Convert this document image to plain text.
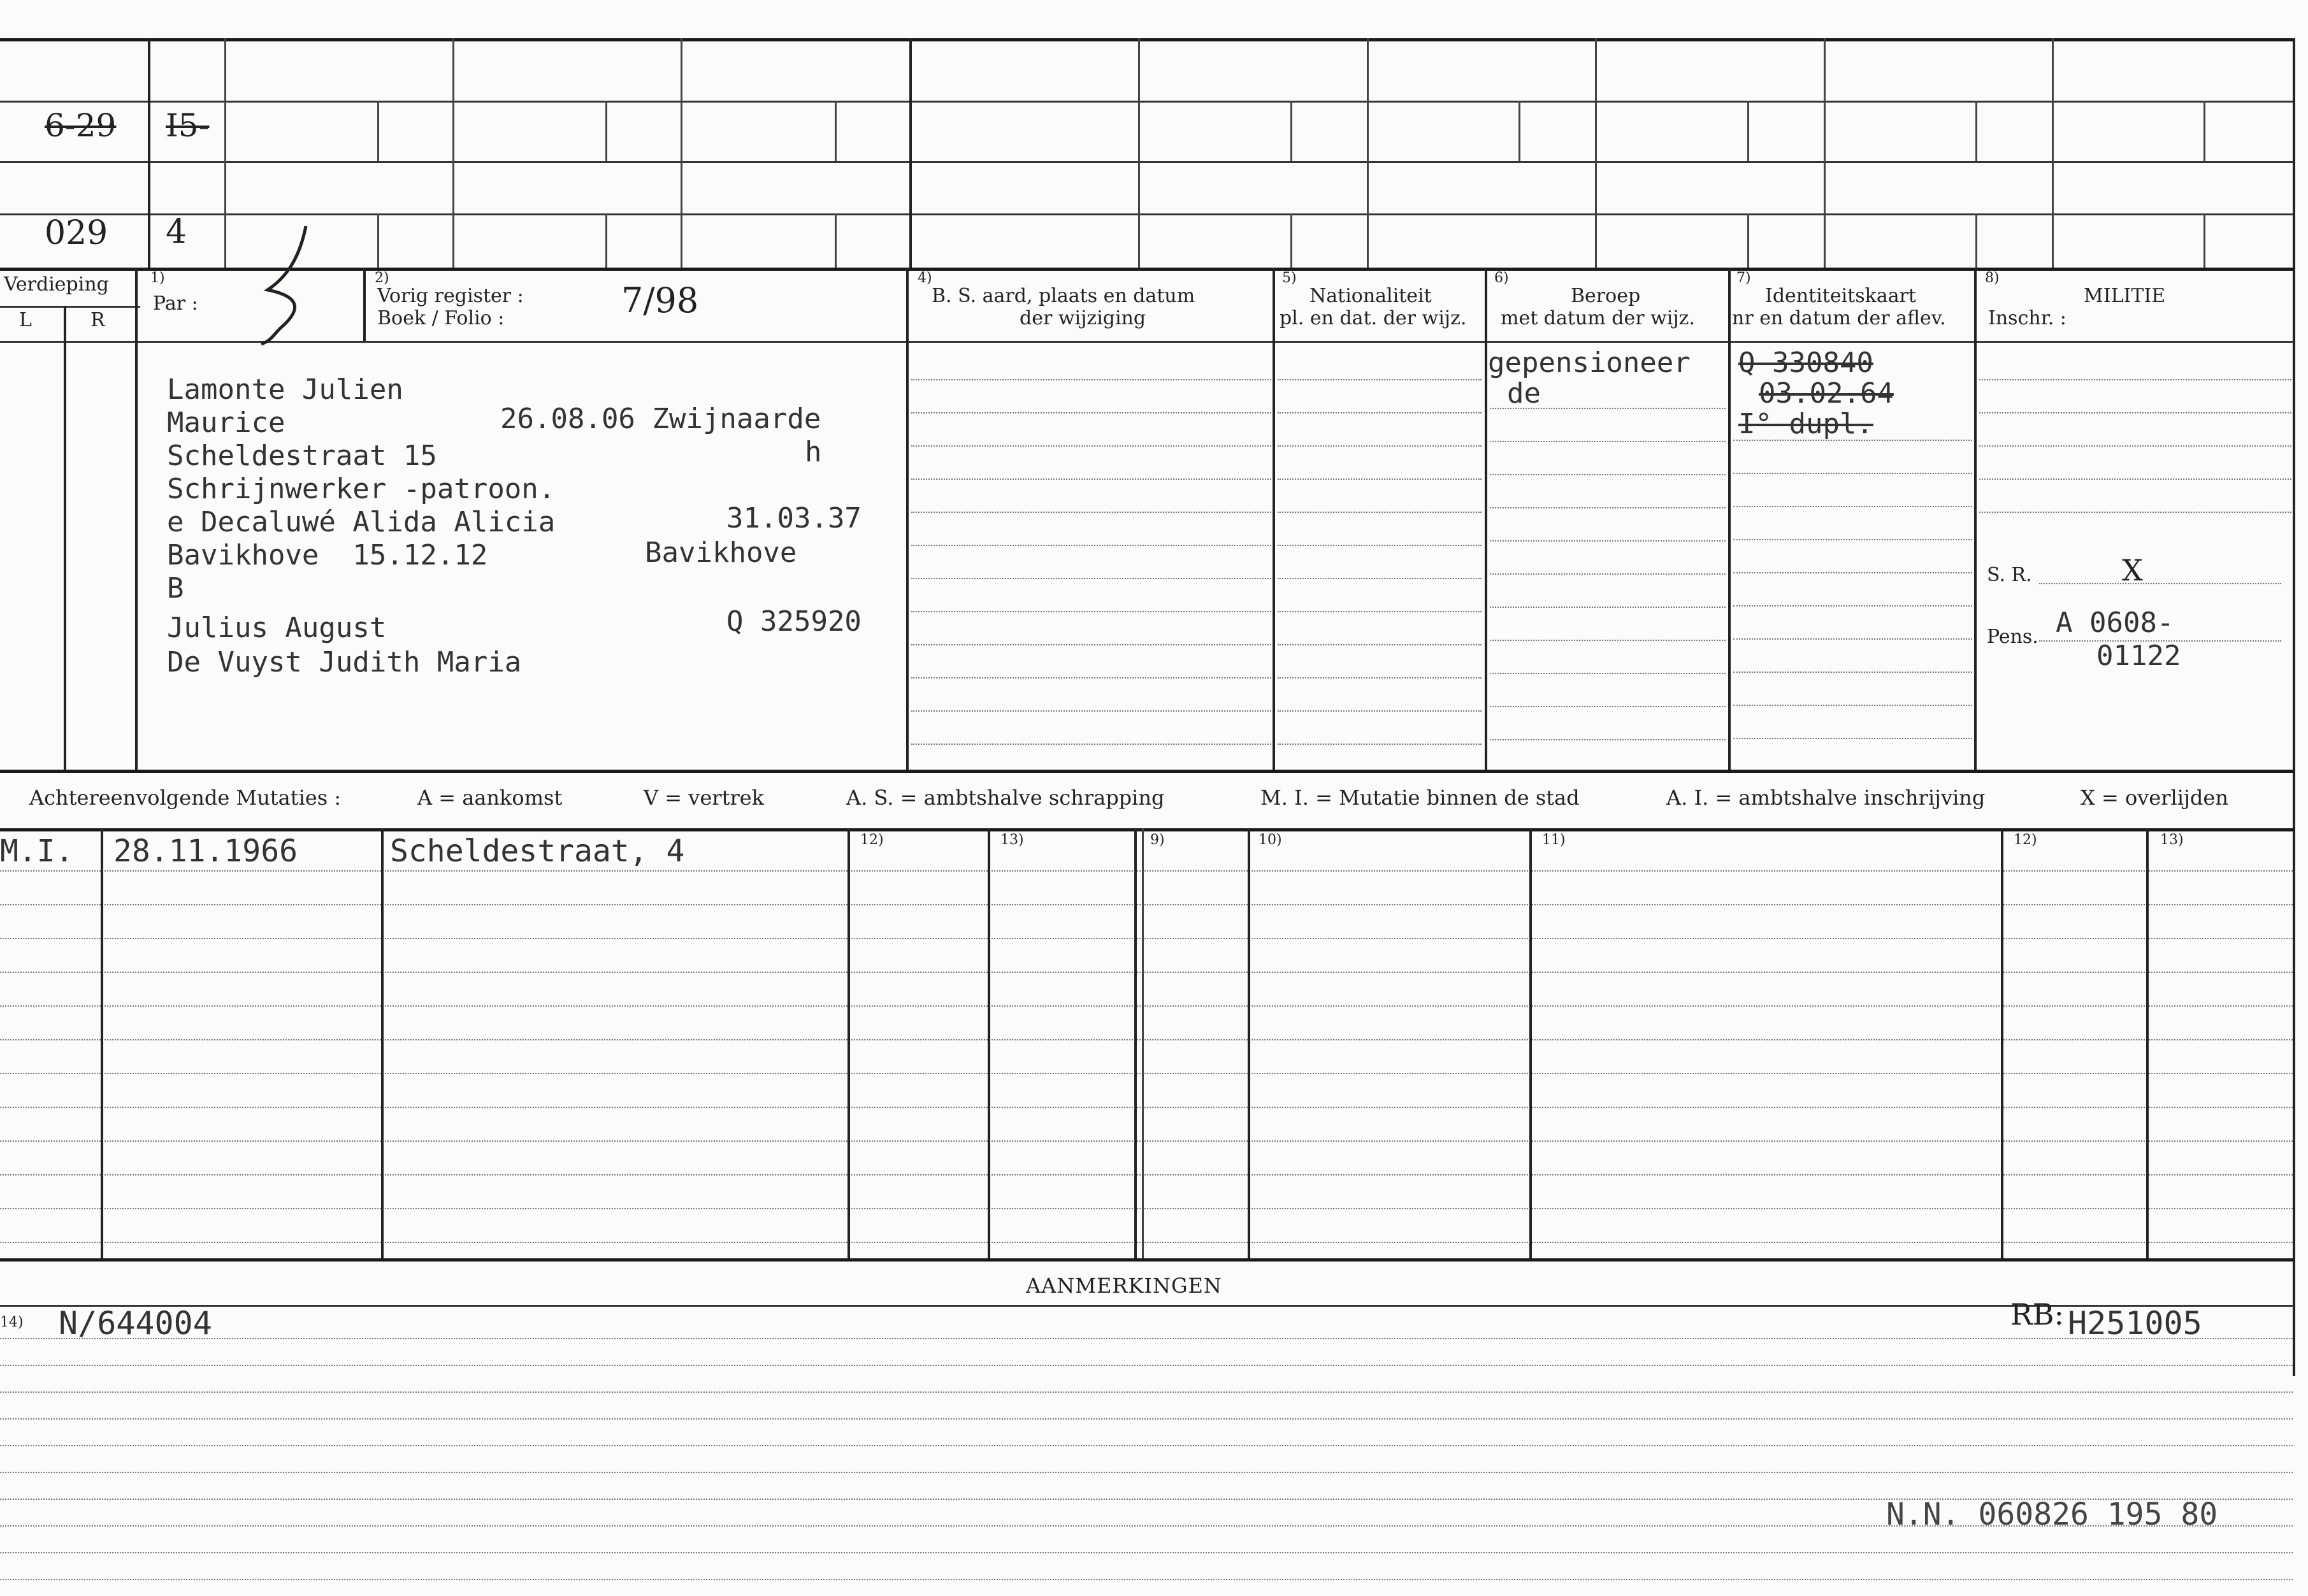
6-29 I5-
029 4
Verdieping
L	R
1)
Par :
2)
Vorig register :
Boek / Folio :	7/98
4)
B. S. aard, plaats en datum
der wijziging
5)
Nationaliteit
pl. en dat. der wijz.
6)
Beroep
met datum der wijz.
7)
Identiteitskaart
nr en datum der aflev.
8)
MILITIE
Inschr. :
Lamonte Julien
Maurice	26.08.06 Zwijnaarde
Scheldestraat 15	h
Schrijnwerker -patroon.
e Decaluwé Alida Alicia	31.03.37
Bavikhove  15.12.12	Bavikhove
B
Julius August	Q 325920
De Vuyst Judith Maria
gepensioneer
de
Q 330840
03.02.64
I° dupl.
S. R.	X
Pens. A 0608-
01122
Achtereenvolgende Mutaties :	A = aankomst	V = vertrek	A. S. = ambtshalve schrapping	M. I. = Mutatie binnen de stad	A. I. = ambtshalve inschrijving	X = overlijden
12)	13)	9)	10)	11)	12)	13)
M.I. 28.11.1966	Scheldestraat, 4
AANMERKINGEN
14) N/644004	RB: H251005
N.N. 060826 195 80
